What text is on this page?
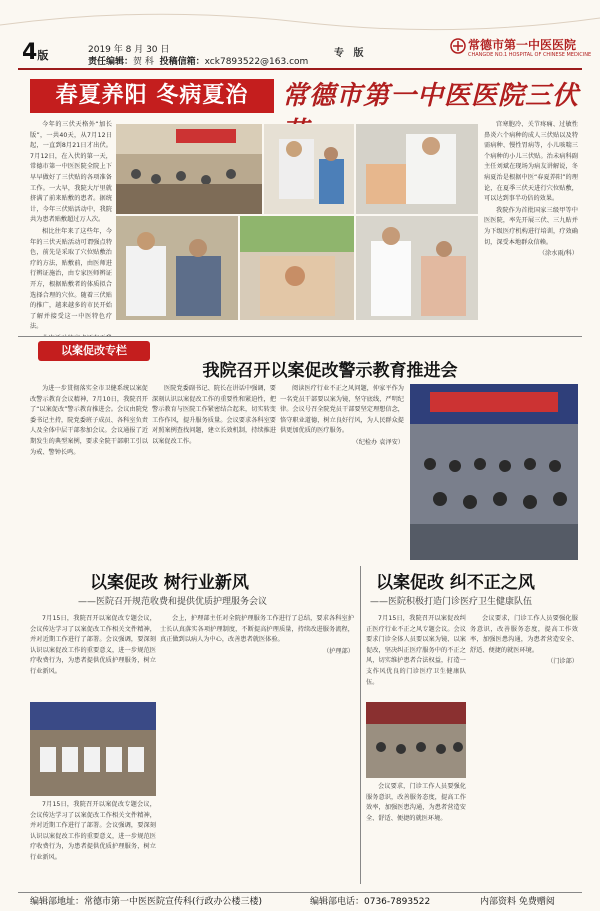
4版	2019 年 8 月 30 日
责任编辑：贺 科 投稿信箱：xck7893522@163.com
专 版
常德市第一中医医院
CHANGDE NO.1 HOSPITAL OF CHINESE MEDICINE
春夏养阳 冬病夏治	常德市第一中医医院三伏

今年的三伏天格外“加长版”，一共40天，从7月12日起，一直到8月21日才出伏。7月12日，在入伏的第一天，常德市第一中医医院全院上下早早做好了三伏贴的各项准备工作。一大早，我院大厅里就挤满了前来贴敷的患者。据统计，今年三伏贴活动中，我院共为患者贴敷超过万人次。

相比往年来了这些年，今年的三伏天贴活动可谓强点特色，前先是采取了穴位贴敷治疗的方法，贴敷前，由医师进行辨证施治，由专家医师辨证开方，根据贴敷者的体质拟合选择合理的穴位。随着三伏贴的推广，越来越多的市民开始了解并接受这一中医特色疗法。

宫寒胞冷、关节疼痛、过敏性鼻炎六个病种的成人三伏贴以及特需病种、慢性胃病等，小儿咳喘三个病种的小儿三伏贴。治未病科副主任刘斌在现场为病友讲解说，冬病夏治是根据中医“春夏养阳”的理论，在夏季三伏天进行穴位贴敷，可以达到事半功倍的效果。

我院作为首批国家三级甲等中医医院，率先开展三伏、三九贴并为下级医疗机构进行培训，疗效确切，深受本地群众信赖。

（涂水雨/科）

以案促改专栏
我院召开以案促改警示教育推进会

为进一步贯彻落实全市卫健系统以案促改警示教育会议精神，7月10日，我院召开了“以案促改”警示教育推进会。会议由院党委书记主持，院党委班子成员、各科室负责人及全体中层干部参加会议。会议通报了近期发生的典型案例，要求全院干部职工引以为戒、警钟长鸣。

医院党委副书记、院长在讲话中强调，要深刻认识以案促改工作的重要性和紧迫性，把警示教育与医院工作紧密结合起来，切实转变工作作风，提升服务质量。会议要求各科室要对照案例查找问题，建立长效机制，持续推进以案促改工作。

阅读医疗行业不正之风问题，仲家平作为一名党员干部要以案为镜，坚守底线，严明纪律。会议号召全院党员干部要坚定理想信念，恪守职业道德，树立良好行风，为人民群众提供更加优质的医疗服务。

（纪检办 袁泽安）

以案促改 树行业新风
——医院召开规范收费和提供优质护理服务会议
以案促改 纠不正之风
——医院积极打造门诊医疗卫生健康队伍

7月15日，我院召开以案促改专题会议，会议传达学习了以案促改工作相关文件精神，并对近期工作进行了部署。会议强调，要深刻认识以案促改工作的重要意义，进一步规范医疗收费行为，为患者提供优质护理服务，树立行业新风。

7月15日，我院召开以案促改专题会议，会议传达学习了以案促改工作相关文件精神，并对近期工作进行了部署。会议强调，要深刻认识以案促改工作的重要意义，进一步规范医疗收费行为，为患者提供优质护理服务，树立行业新风。

会上，护理部主任对全院护理服务工作进行了总结，要求各科室护士长认真落实各项护理制度，不断提高护理质量，持续改进服务流程，真正做到以病人为中心，改善患者就医体验。

（护理部）

7月15日，我院召开以案促改纠正医疗行业不正之风专题会议。会议要求门诊全体人员要以案为镜、以案促改，坚决纠正医疗服务中的不正之风，切实维护患者合法权益，打造一支作风优良的门诊医疗卫生健康队伍。

会议要求，门诊工作人员要强化服务意识，改善服务态度，提高工作效率，加强医患沟通，为患者营造安全、舒适、便捷的就医环境。

会议要求，门诊工作人员要强化服务意识，改善服务态度，提高工作效率，加强医患沟通，为患者营造安全、舒适、便捷的就医环境。

（门诊部）

编辑部地址：常德市第一中医医院宣传科(行政办公楼三楼)	编辑部电话：0736-7893522	内部资料 免费赠阅
